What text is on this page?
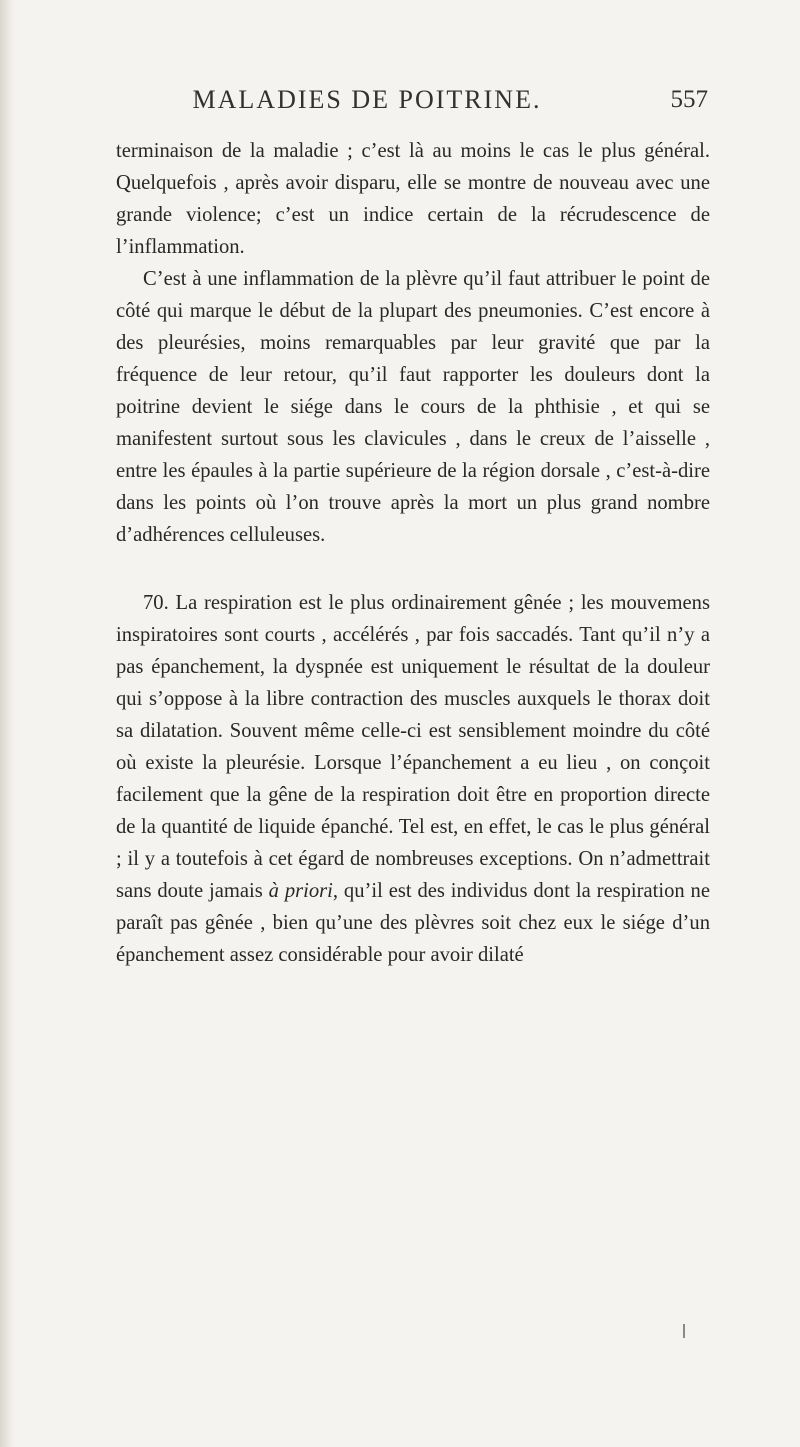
MALADIES DE POITRINE.	557

terminaison de la maladie ; c’est là au moins le cas le plus général. Quelquefois , après avoir disparu, elle se montre de nouveau avec une grande violence; c’est un indice certain de la récrudescence de l’inflammation.

C’est à une inflammation de la plèvre qu’il faut attribuer le point de côté qui marque le début de la plupart des pneumonies. C’est encore à des pleurésies, moins remarquables par leur gravité que par la fréquence de leur retour, qu’il faut rapporter les douleurs dont la poitrine devient le siége dans le cours de la phthisie , et qui se manifestent surtout sous les clavicules , dans le creux de l’aisselle , entre les épaules à la partie supérieure de la région dorsale , c’est-à-dire dans les points où l’on trouve après la mort un plus grand nombre d’adhérences celluleuses.

70. La respiration est le plus ordinairement gênée ; les mouvemens inspiratoires sont courts , accélérés , par fois saccadés. Tant qu’il n’y a pas épanchement, la dyspnée est uniquement le résultat de la douleur qui s’oppose à la libre contraction des muscles auxquels le thorax doit sa dilatation. Souvent même celle-ci est sensiblement moindre du côté où existe la pleurésie. Lorsque l’épanchement a eu lieu , on conçoit facilement que la gêne de la respiration doit être en proportion directe de la quantité de liquide épanché. Tel est, en effet, le cas le plus général ; il y a toutefois à cet égard de nombreuses exceptions. On n’admettrait sans doute jamais à priori, qu’il est des individus dont la respiration ne paraît pas gênée , bien qu’une des plèvres soit chez eux le siége d’un épanchement assez considérable pour avoir dilaté
